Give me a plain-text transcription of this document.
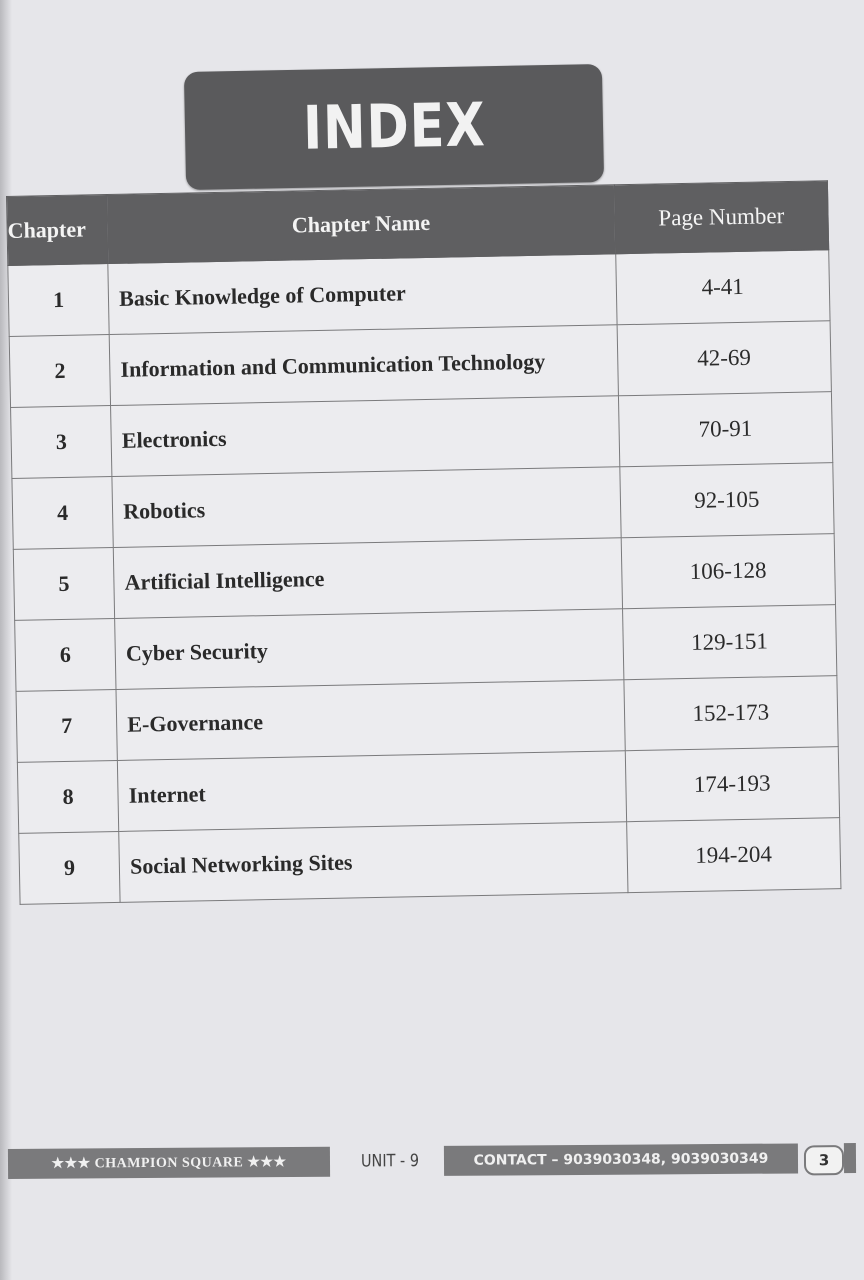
INDEX
Chapter	Chapter Name	Page Number
1	Basic Knowledge of Computer	4-41
2	Information and Communication Technology	42-69
3	Electronics	70-91
4	Robotics	92-105
5	Artificial Intelligence	106-128
6	Cyber Security	129-151
7	E-Governance	152-173
8	Internet	174-193
9	Social Networking Sites	194-204
★★★ CHAMPION SQUARE ★★★	UNIT - 9	CONTACT – 9039030348, 9039030349	3
